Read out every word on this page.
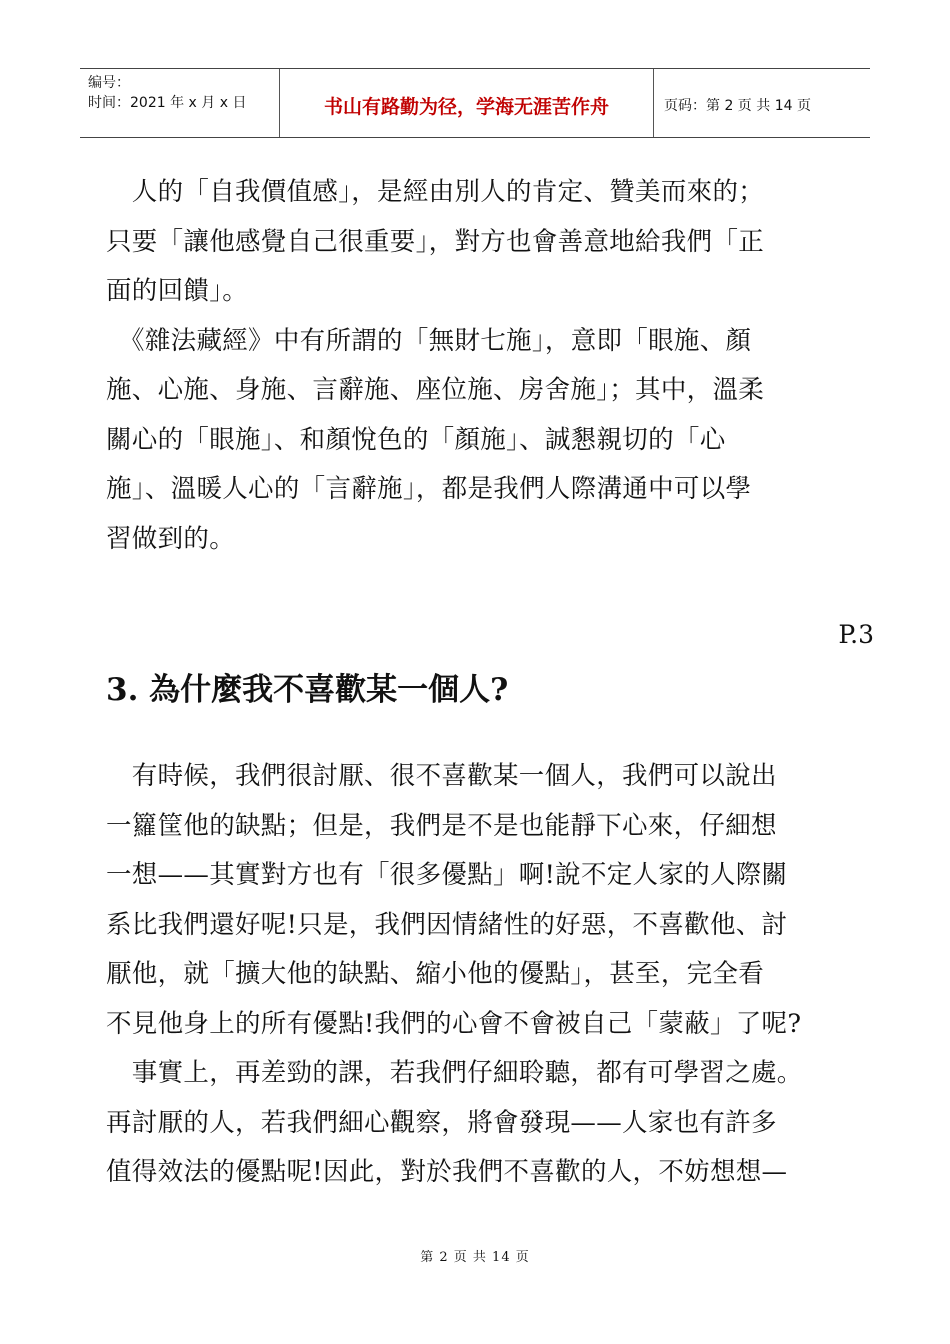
编号：
时间：2021 年 x 月 x 日	书山有路勤为径，学海无涯苦作舟	页码：第 2 页 共 14 页

　人的「自我價值感」，是經由別人的肯定、贊美而來的；

只要「讓他感覺自己很重要」，對方也會善意地給我們「正

面的回饋」。

　《雜法藏經》中有所謂的「無財七施」，意即「眼施、顏

施、心施、身施、言辭施、座位施、房舍施」；其中，溫柔

關心的「眼施」、和顏悅色的「顏施」、誠懇親切的「心

施」、溫暖人心的「言辭施」，都是我們人際溝通中可以學

習做到的。

P.3
3. 為什麼我不喜歡某一個人?

　有時候，我們很討厭、很不喜歡某一個人，我們可以說出

一籮筐他的缺點；但是，我們是不是也能靜下心來，仔細想

一想——其實對方也有「很多優點」啊!說不定人家的人際關

系比我們還好呢!只是，我們因情緒性的好惡，不喜歡他、討

厭他，就「擴大他的缺點、縮小他的優點」，甚至，完全看

不見他身上的所有優點!我們的心會不會被自己「蒙蔽」了呢?

　事實上，再差勁的課，若我們仔細聆聽，都有可學習之處。

再討厭的人，若我們細心觀察，將會發現——人家也有許多

值得效法的優點呢!因此，對於我們不喜歡的人，不妨想想—

第 2 页 共 14 页
